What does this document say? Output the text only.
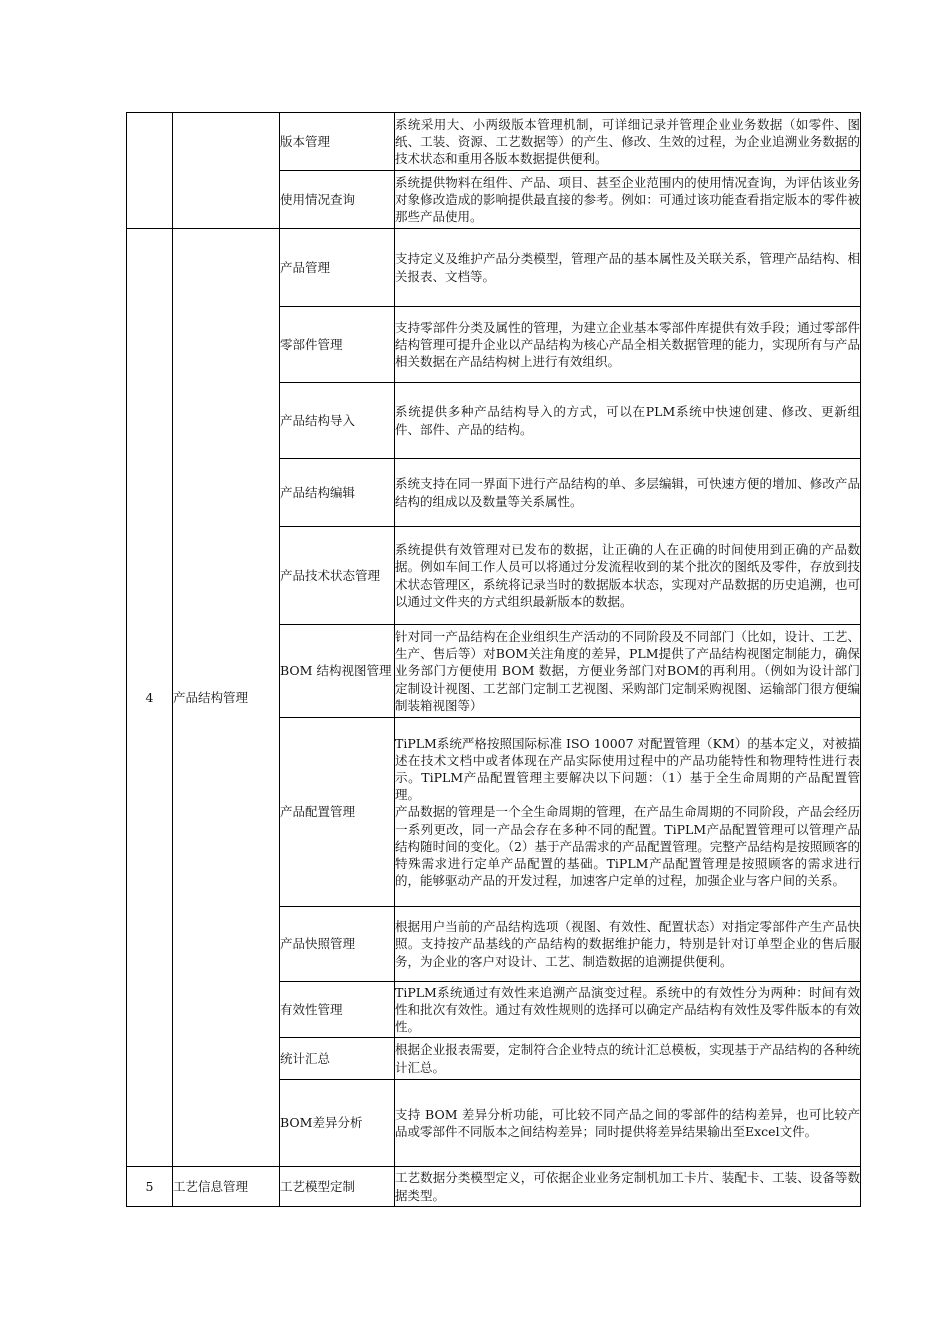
		版本管理	系统采用大、小两级版本管理机制，可详细记录并管理企业业务数据（如零件、图纸、工装、资源、工艺数据等）的产生、修改、生效的过程，为企业追溯业务数据的技术状态和重用各版本数据提供便利。

		使用情况查询	系统提供物料在组件、产品、项目、甚至企业范围内的使用情况查询，为评估该业务对象修改造成的影响提供最直接的参考。例如：可通过该功能查看指定版本的零件被那些产品使用。

4	产品结构管理	产品管理	支持定义及维护产品分类模型，管理产品的基本属性及关联关系，管理产品结构、相关报表、文档等。

		零部件管理	支持零部件分类及属性的管理，为建立企业基本零部件库提供有效手段；通过零部件结构管理可提升企业以产品结构为核心产品全相关数据管理的能力，实现所有与产品相关数据在产品结构树上进行有效组织。

		产品结构导入	系统提供多种产品结构导入的方式，可以在PLM系统中快速创建、修改、更新组件、部件、产品的结构。

		产品结构编辑	系统支持在同一界面下进行产品结构的单、多层编辑，可快速方便的增加、修改产品结构的组成以及数量等关系属性。

		产品技术状态管理	系统提供有效管理对已发布的数据，让正确的人在正确的时间使用到正确的产品数据。例如车间工作人员可以将通过分发流程收到的某个批次的图纸及零件，存放到技术状态管理区，系统将记录当时的数据版本状态，实现对产品数据的历史追溯，也可以通过文件夹的方式组织最新版本的数据。

		BOM 结构视图管理	针对同一产品结构在企业组织生产活动的不同阶段及不同部门（比如，设计、工艺、生产、售后等）对BOM关注角度的差异，PLM提供了产品结构视图定制能力，确保业务部门方便使用 BOM 数据，方便业务部门对BOM的再利用。（例如为设计部门定制设计视图、工艺部门定制工艺视图、采购部门定制采购视图、运输部门很方便编制装箱视图等）

		产品配置管理	TiPLM系统严格按照国际标准 ISO 10007 对配置管理（KM）的基本定义，对被描述在技术文档中或者体现在产品实际使用过程中的产品功能特性和物理特性进行表示。TiPLM产品配置管理主要解决以下问题：（1）基于全生命周期的产品配置管理。
产品数据的管理是一个全生命周期的管理，在产品生命周期的不同阶段，产品会经历一系列更改，同一产品会存在多种不同的配置。TiPLM产品配置管理可以管理产品结构随时间的变化。（2）基于产品需求的产品配置管理。完整产品结构是按照顾客的特殊需求进行定单产品配置的基础。TiPLM产品配置管理是按照顾客的需求进行的，能够驱动产品的开发过程，加速客户定单的过程，加强企业与客户间的关系。

		产品快照管理	根据用户当前的产品结构选项（视图、有效性、配置状态）对指定零部件产生产品快照。支持按产品基线的产品结构的数据维护能力，特别是针对订单型企业的售后服务，为企业的客户对设计、工艺、制造数据的追溯提供便利。

		有效性管理	TiPLM系统通过有效性来追溯产品演变过程。系统中的有效性分为两种：时间有效性和批次有效性。通过有效性规则的选择可以确定产品结构有效性及零件版本的有效性。

		统计汇总	根据企业报表需要，定制符合企业特点的统计汇总模板，实现基于产品结构的各种统计汇总。

		BOM差异分析	支持 BOM 差异分析功能，可比较不同产品之间的零部件的结构差异，也可比较产品或零部件不同版本之间结构差异；同时提供将差异结果输出至Excel文件。

5	工艺信息管理	工艺模型定制	工艺数据分类模型定义，可依据企业业务定制机加工卡片、装配卡、工装、设备等数据类型。
